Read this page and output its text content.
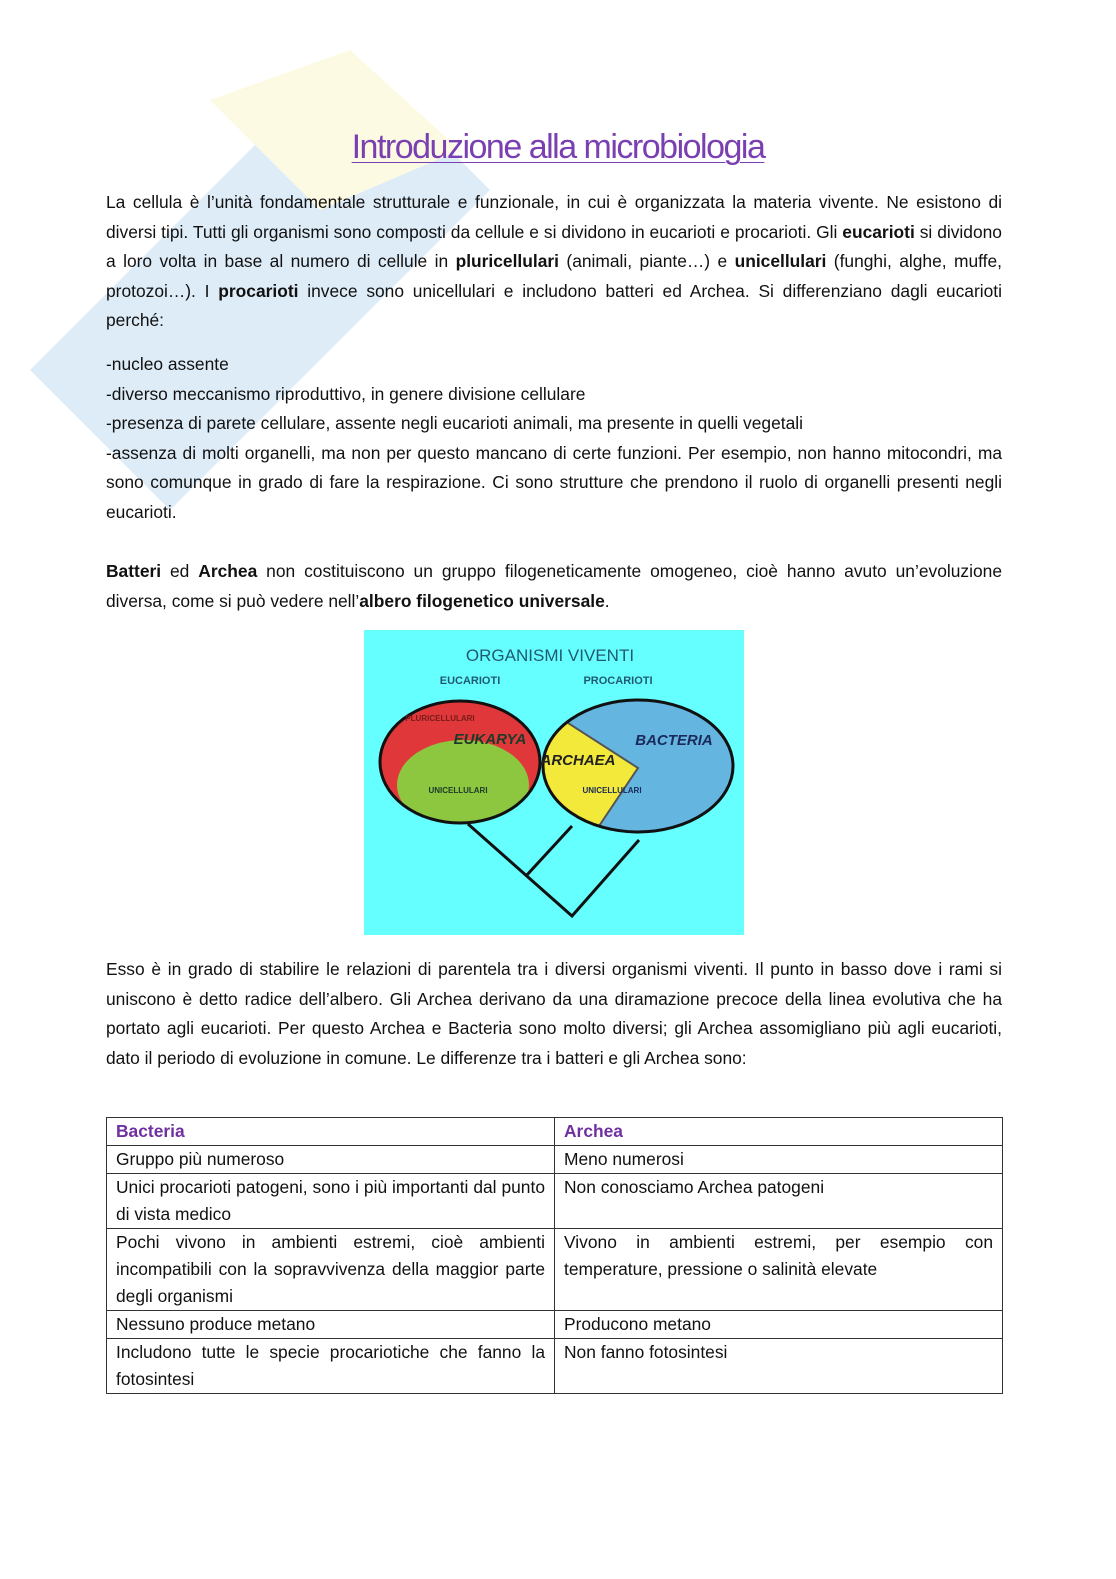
Introduzione alla microbiologia
La cellula è l’unità fondamentale strutturale e funzionale, in cui è organizzata la materia vivente. Ne esistono di diversi tipi. Tutti gli organismi sono composti da cellule e si dividono in eucarioti e procarioti. Gli eucarioti si dividono a loro volta in base al numero di cellule in pluricellulari (animali, piante…) e unicellulari (funghi, alghe, muffe, protozoi…). I procarioti invece sono unicellulari e includono batteri ed Archea. Si differenziano dagli eucarioti perché:
-nucleo assente
-diverso meccanismo riproduttivo, in genere divisione cellulare
-presenza di parete cellulare, assente negli eucarioti animali, ma presente in quelli vegetali
-assenza di molti organelli, ma non per questo mancano di certe funzioni. Per esempio, non hanno mitocondri, ma sono comunque in grado di fare la respirazione. Ci sono strutture che prendono il ruolo di organelli presenti negli eucarioti.
Batteri ed Archea non costituiscono un gruppo filogeneticamente omogeneo, cioè hanno avuto un’evoluzione diversa, come si può vedere nell’albero filogenetico universale.
ORGANISMI VIVENTI
EUCARIOTI	PROCARIOTI
PLURICELLULARI
EUKARYA
UNICELLULARI
ARCHAEA
BACTERIA
UNICELLULARI
Esso è in grado di stabilire le relazioni di parentela tra i diversi organismi viventi. Il punto in basso dove i rami si uniscono è detto radice dell’albero. Gli Archea derivano da una diramazione precoce della linea evolutiva che ha portato agli eucarioti. Per questo Archea e Bacteria sono molto diversi; gli Archea assomigliano più agli eucarioti, dato il periodo di evoluzione in comune. Le differenze tra i batteri e gli Archea sono:
Bacteria	Archea
Gruppo più numeroso	Meno numerosi
Unici procarioti patogeni, sono i più importanti dal punto di vista medico	Non conosciamo Archea patogeni
Pochi vivono in ambienti estremi, cioè ambienti incompatibili con la sopravvivenza della maggior parte degli organismi	Vivono in ambienti estremi, per esempio con temperature, pressione o salinità elevate
Nessuno produce metano	Producono metano
Includono tutte le specie procariotiche che fanno la fotosintesi	Non fanno fotosintesi
